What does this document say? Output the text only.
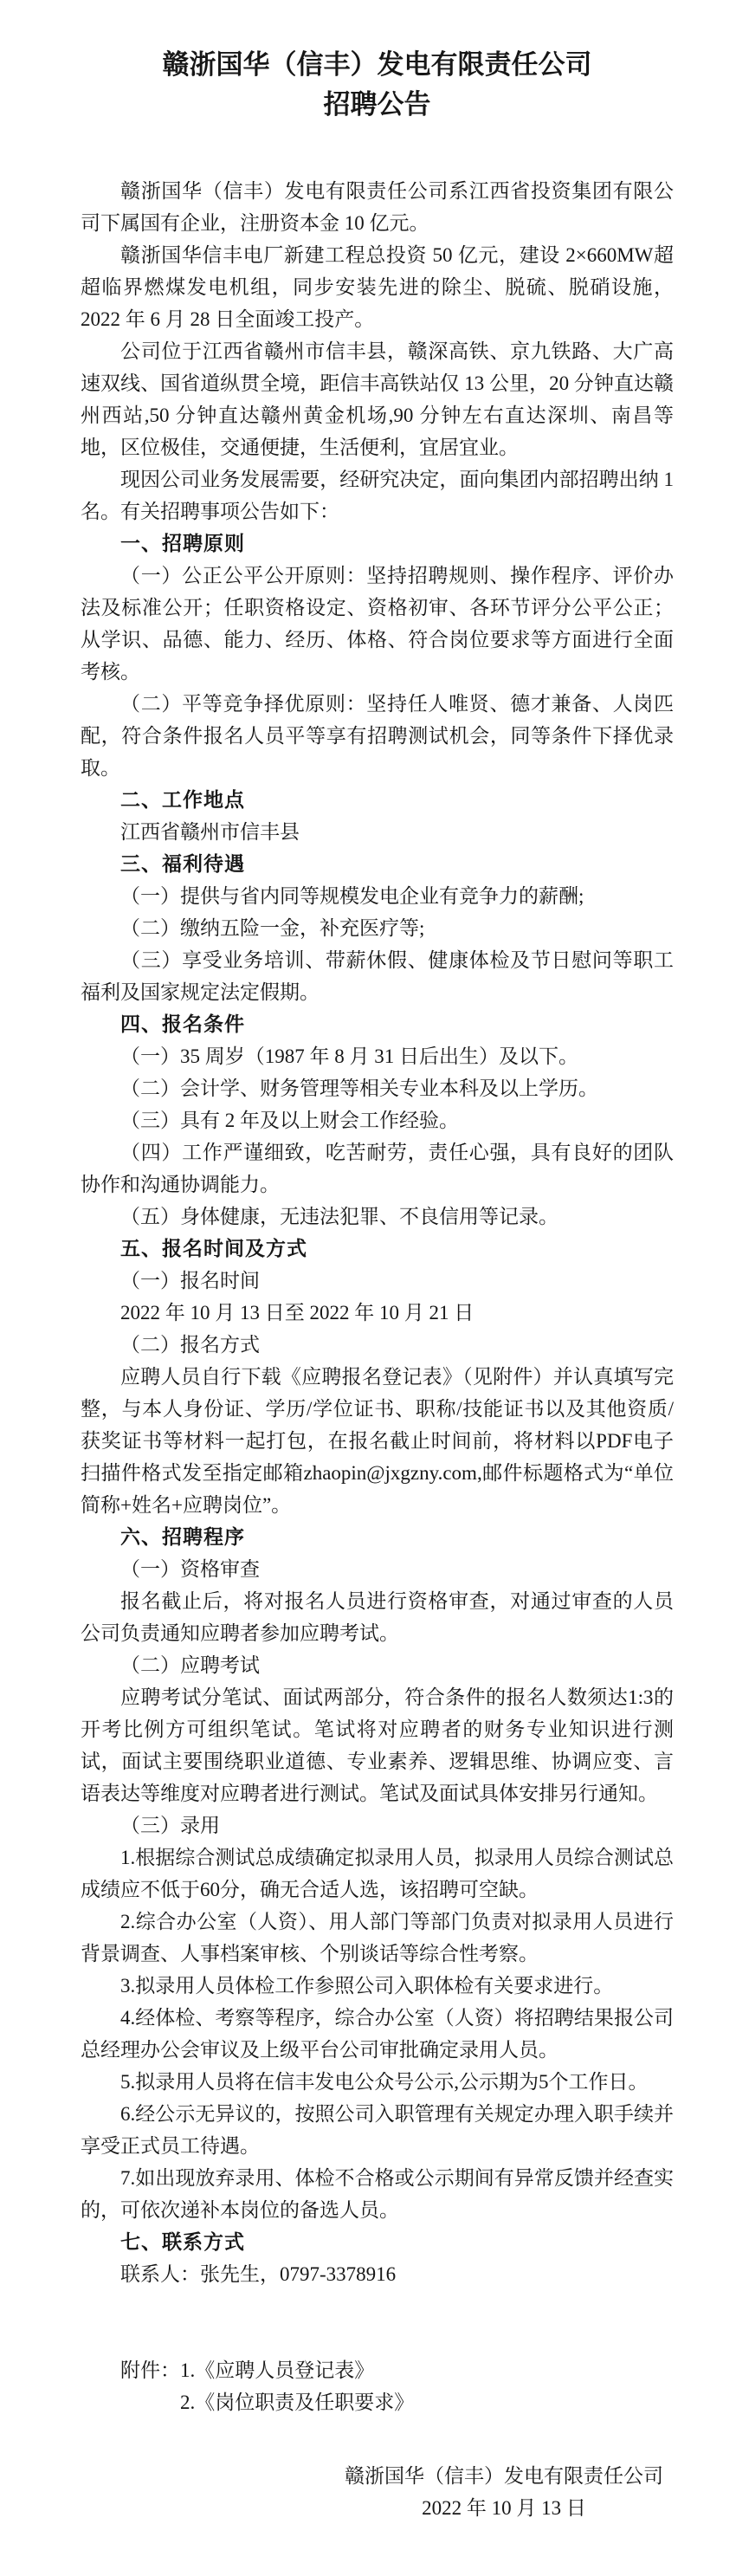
赣浙国华（信丰）发电有限责任公司
招聘公告

赣浙国华（信丰）发电有限责任公司系江西省投资集团有限公司下属国有企业，注册资本金 10 亿元。

赣浙国华信丰电厂新建工程总投资 50 亿元，建设 2×660MW超超临界燃煤发电机组，同步安装先进的除尘、脱硫、脱硝设施，2022 年 6 月 28 日全面竣工投产。

公司位于江西省赣州市信丰县，赣深高铁、京九铁路、大广高速双线、国省道纵贯全境，距信丰高铁站仅 13 公里，20 分钟直达赣州西站,50 分钟直达赣州黄金机场,90 分钟左右直达深圳、南昌等地，区位极佳，交通便捷，生活便利，宜居宜业。

现因公司业务发展需要，经研究决定，面向集团内部招聘出纳 1 名。有关招聘事项公告如下：

一、招聘原则

（一）公正公平公开原则：坚持招聘规则、操作程序、评价办法及标准公开；任职资格设定、资格初审、各环节评分公平公正；从学识、品德、能力、经历、体格、符合岗位要求等方面进行全面考核。

（二）平等竞争择优原则：坚持任人唯贤、德才兼备、人岗匹配，符合条件报名人员平等享有招聘测试机会，同等条件下择优录取。

二、工作地点

江西省赣州市信丰县

三、福利待遇

（一）提供与省内同等规模发电企业有竞争力的薪酬;

（二）缴纳五险一金，补充医疗等;

（三）享受业务培训、带薪休假、健康体检及节日慰问等职工福利及国家规定法定假期。

四、报名条件

（一）35 周岁（1987 年 8 月 31 日后出生）及以下。

（二）会计学、财务管理等相关专业本科及以上学历。

（三）具有 2 年及以上财会工作经验。

（四）工作严谨细致，吃苦耐劳，责任心强，具有良好的团队协作和沟通协调能力。

（五）身体健康，无违法犯罪、不良信用等记录。

五、报名时间及方式

（一）报名时间

2022 年 10 月 13 日至 2022 年 10 月 21 日

（二）报名方式

应聘人员自行下载《应聘报名登记表》（见附件）并认真填写完整，与本人身份证、学历/学位证书、职称/技能证书以及其他资质/获奖证书等材料一起打包，在报名截止时间前，将材料以PDF电子扫描件格式发至指定邮箱zhaopin@jxgzny.com,邮件标题格式为“单位简称+姓名+应聘岗位”。

六、招聘程序

（一）资格审查

报名截止后，将对报名人员进行资格审查，对通过审查的人员公司负责通知应聘者参加应聘考试。

（二）应聘考试

应聘考试分笔试、面试两部分，符合条件的报名人数须达1:3的开考比例方可组织笔试。笔试将对应聘者的财务专业知识进行测试，面试主要围绕职业道德、专业素养、逻辑思维、协调应变、言语表达等维度对应聘者进行测试。笔试及面试具体安排另行通知。

（三）录用

1.根据综合测试总成绩确定拟录用人员，拟录用人员综合测试总成绩应不低于60分，确无合适人选，该招聘可空缺。

2.综合办公室（人资）、用人部门等部门负责对拟录用人员进行背景调查、人事档案审核、个别谈话等综合性考察。

3.拟录用人员体检工作参照公司入职体检有关要求进行。

4.经体检、考察等程序，综合办公室（人资）将招聘结果报公司总经理办公会审议及上级平台公司审批确定录用人员。

5.拟录用人员将在信丰发电公众号公示,公示期为5个工作日。

6.经公示无异议的，按照公司入职管理有关规定办理入职手续并享受正式员工待遇。

7.如出现放弃录用、体检不合格或公示期间有异常反馈并经查实的，可依次递补本岗位的备选人员。

七、联系方式

联系人：张先生，0797-3378916

附件：1.《应聘人员登记表》

2.《岗位职责及任职要求》

赣浙国华（信丰）发电有限责任公司
2022 年 10 月 13 日
